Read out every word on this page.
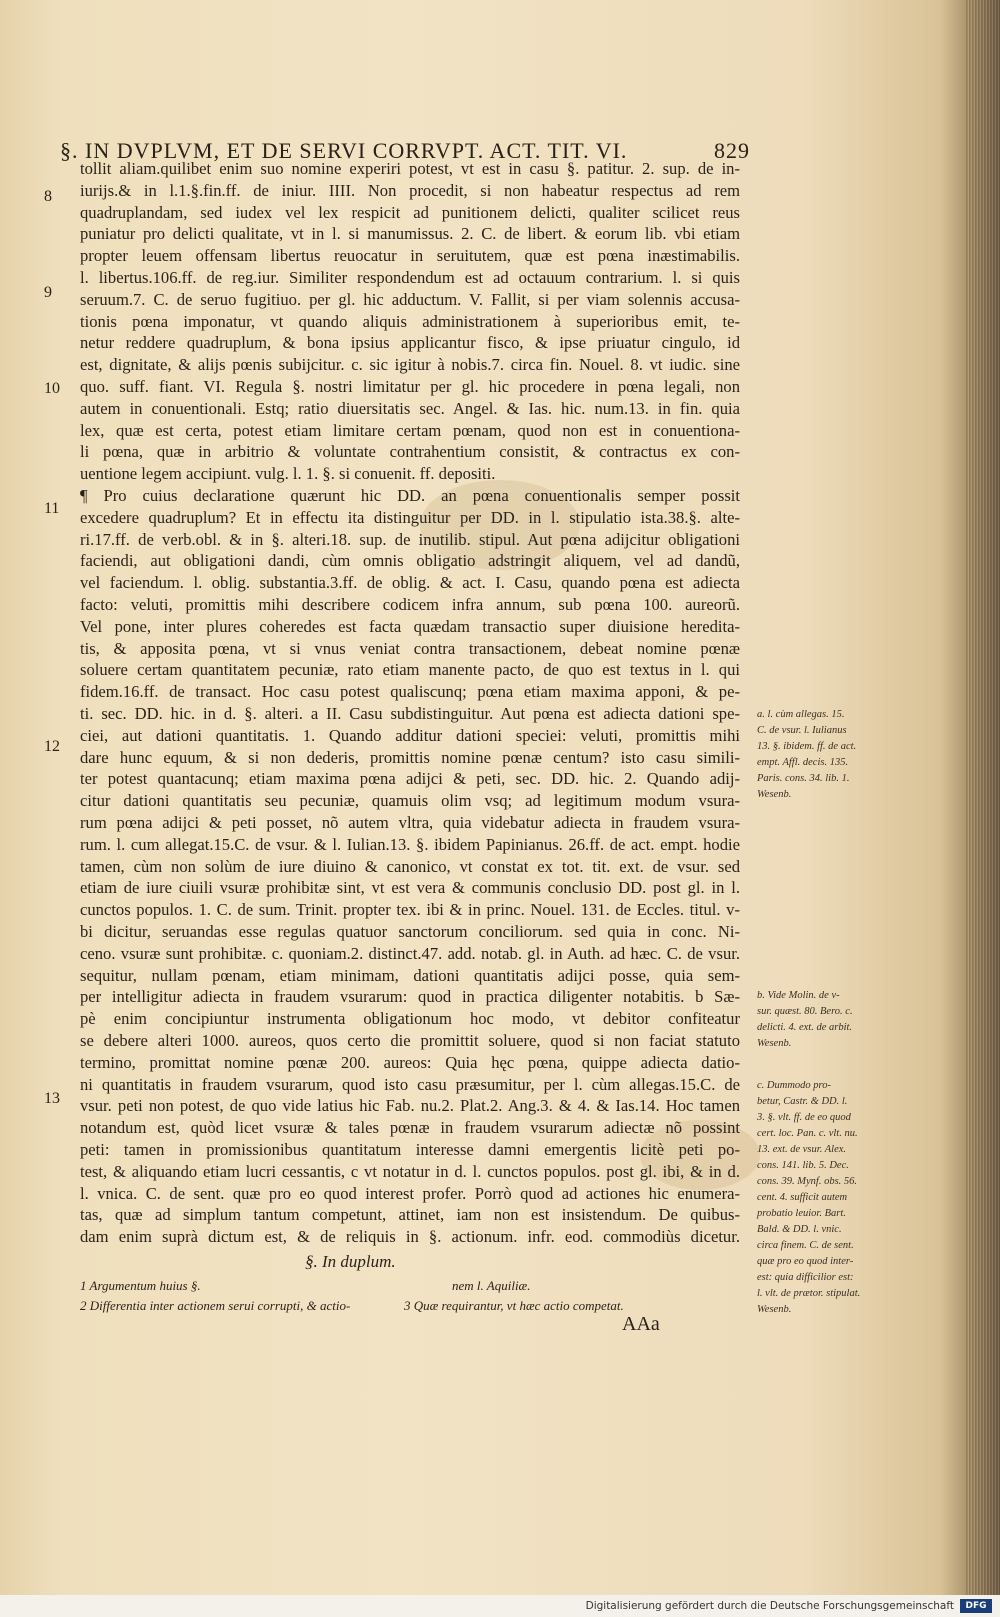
§. IN DVPLVM, ET DE SERVI CORRVPT. ACT. TIT. VI.	829
tollit aliam.quilibet enim suo nomine experiri potest, vt est in casu §. patitur. 2. sup. de in-
iurijs.& in l.1.§.fin.ff. de iniur. IIII. Non procedit, si non habeatur respectus ad rem
quadruplandam, sed iudex vel lex respicit ad punitionem delicti, qualiter scilicet reus
puniatur pro delicti qualitate, vt in l. si manumissus. 2. C. de libert. & eorum lib. vbi etiam
propter leuem offensam libertus reuocatur in seruitutem, quæ est pœna inæstimabilis.
l. libertus.106.ff. de reg.iur. Similiter respondendum est ad octauum contrarium. l. si quis
seruum.7. C. de seruo fugitiuo. per gl. hic adductum. V. Fallit, si per viam solennis accusa-
tionis pœna imponatur, vt quando aliquis administrationem à superioribus emit, te-
netur reddere quadruplum, & bona ipsius applicantur fisco, & ipse priuatur cingulo, id
est, dignitate, & alijs pœnis subijcitur. c. sic igitur à nobis.7. circa fin. Nouel. 8. vt iudic. sine
quo. suff. fiant. VI. Regula §. nostri limitatur per gl. hic procedere in pœna legali, non
autem in conuentionali. Estq; ratio diuersitatis sec. Angel. & Ias. hic. num.13. in fin. quia
lex, quæ est certa, potest etiam limitare certam pœnam, quod non est in conuentiona-
li pœna, quæ in arbitrio & voluntate contrahentium consistit, & contractus ex con-
uentione legem accipiunt. vulg. l. 1. §. si conuenit. ff. depositi.
¶ Pro cuius declaratione quærunt hic DD. an pœna conuentionalis semper possit
excedere quadruplum? Et in effectu ita distinguitur per DD. in l. stipulatio ista.38.§. alte-
ri.17.ff. de verb.obl. & in §. alteri.18. sup. de inutilib. stipul. Aut pœna adijcitur obligationi
faciendi, aut obligationi dandi, cùm omnis obligatio adstringit aliquem, vel ad dandũ,
vel faciendum. l. oblig. substantia.3.ff. de oblig. & act. I. Casu, quando pœna est adiecta
facto: veluti, promittis mihi describere codicem infra annum, sub pœna 100. aureorũ.
Vel pone, inter plures coheredes est facta quædam transactio super diuisione heredita-
tis, & apposita pœna, vt si vnus veniat contra transactionem, debeat nomine pœnæ
soluere certam quantitatem pecuniæ, rato etiam manente pacto, de quo est textus in l. qui
fidem.16.ff. de transact. Hoc casu potest qualiscunq; pœna etiam maxima apponi, & pe-
ti. sec. DD. hic. in d. §. alteri. a II. Casu subdistinguitur. Aut pœna est adiecta dationi spe-
ciei, aut dationi quantitatis. 1. Quando additur dationi speciei: veluti, promittis mihi
dare hunc equum, & si non dederis, promittis nomine pœnæ centum? isto casu simili-
ter potest quantacunq; etiam maxima pœna adijci & peti, sec. DD. hic. 2. Quando adij-
citur dationi quantitatis seu pecuniæ, quamuis olim vsq; ad legitimum modum vsura-
rum pœna adijci & peti posset, nõ autem vltra, quia videbatur adiecta in fraudem vsura-
rum. l. cum allegat.15.C. de vsur. & l. Iulian.13. §. ibidem Papinianus. 26.ff. de act. empt. hodie
tamen, cùm non solùm de iure diuino & canonico, vt constat ex tot. tit. ext. de vsur. sed
etiam de iure ciuili vsuræ prohibitæ sint, vt est vera & communis conclusio DD. post gl. in l.
cunctos populos. 1. C. de sum. Trinit. propter tex. ibi & in princ. Nouel. 131. de Eccles. titul. v-
bi dicitur, seruandas esse regulas quatuor sanctorum conciliorum. sed quia in conc. Ni-
ceno. vsuræ sunt prohibitæ. c. quoniam.2. distinct.47. add. notab. gl. in Auth. ad hæc. C. de vsur.
sequitur, nullam pœnam, etiam minimam, dationi quantitatis adijci posse, quia sem-
per intelligitur adiecta in fraudem vsurarum: quod in practica diligenter notabitis. b Sæ-
pè enim concipiuntur instrumenta obligationum hoc modo, vt debitor confiteatur
se debere alteri 1000. aureos, quos certo die promittit soluere, quod si non faciat statuto
termino, promittat nomine pœnæ 200. aureos: Quia hęc pœna, quippe adiecta datio-
ni quantitatis in fraudem vsurarum, quod isto casu præsumitur, per l. cùm allegas.15.C. de
vsur. peti non potest, de quo vide latius hic Fab. nu.2. Plat.2. Ang.3. & 4. & Ias.14. Hoc tamen
notandum est, quòd licet vsuræ & tales pœnæ in fraudem vsurarum adiectæ nõ possint
peti: tamen in promissionibus quantitatum interesse damni emergentis licitè peti po-
test, & aliquando etiam lucri cessantis, c vt notatur in d. l. cunctos populos. post gl. ibi, & in d.
l. vnica. C. de sent. quæ pro eo quod interest profer. Porrò quod ad actiones hic enumera-
tas, quæ ad simplum tantum competunt, attinet, iam non est insistendum. De quibus-
dam enim suprà dictum est, & de reliquis in §. actionum. infr. eod. commodiùs dicetur.
8
9
10
11
12
13
a. l. cùm allegas. 15.
C. de vsur. l. Iulianus
13. §. ibidem. ff. de act.
empt. Affl. decis. 135.
Paris. cons. 34. lib. 1.
Wesenb.
b. Vide Molin. de v-
sur. quæst. 80. Bero. c.
delicti. 4. ext. de arbit.
Wesenb.
c. Dummodo pro-
betur, Castr. & DD. l.
3. §. vlt. ff. de eo quod
cert. loc. Pan. c. vlt. nu.
13. ext. de vsur. Alex.
cons. 141. lib. 5. Dec.
cons. 39. Mynf. obs. 56.
cent. 4. sufficit autem
probatio leuior. Bart.
Bald. & DD. l. vnic.
circa finem. C. de sent.
quæ pro eo quod inter-
est: quia difficilior est:
l. vlt. de prætor. stipulat.
Wesenb.
§. In duplum.
1 Argumentum huius §.	nem l. Aquiliæ.
2 Differentia inter actionem serui corrupti, & actio-	3 Quæ requirantur, vt hæc actio competat.
AAa
Digitalisierung gefördert durch die Deutsche Forschungsgemeinschaft	DFG
